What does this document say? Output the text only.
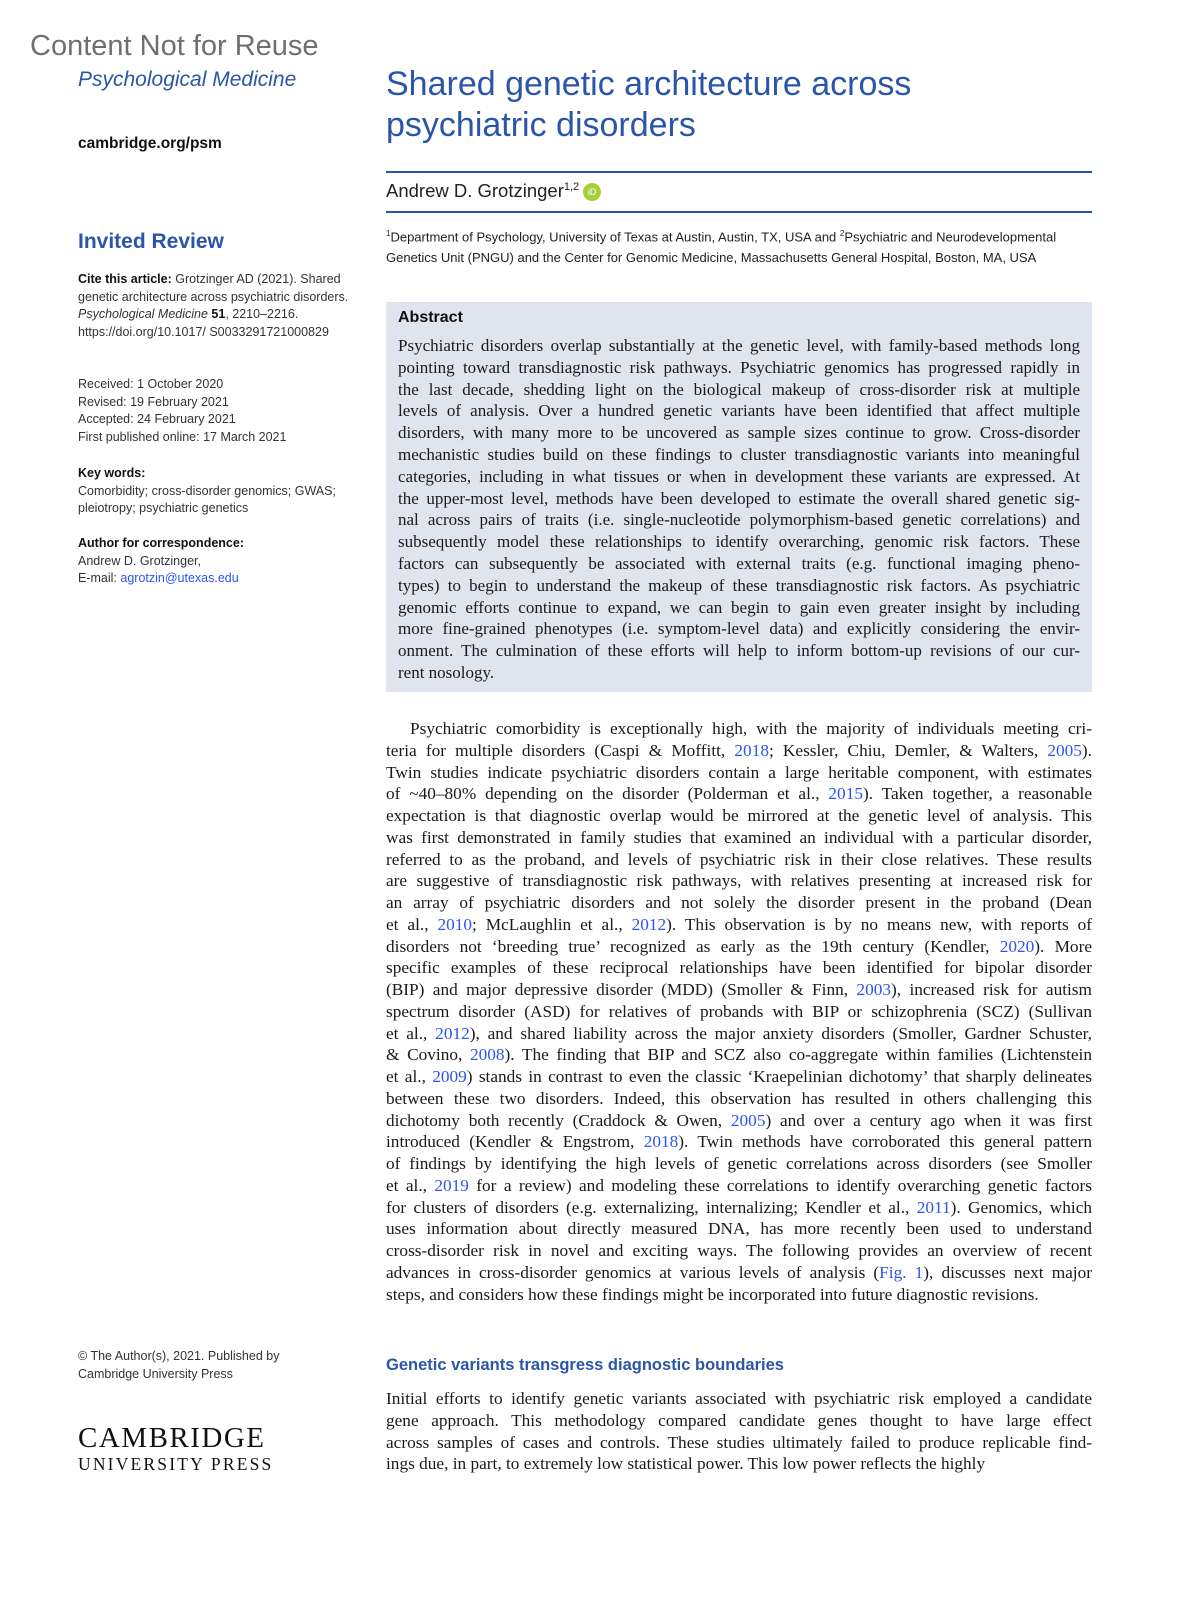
Content Not for Reuse
Psychological Medicine
cambridge.org/psm
Shared genetic architecture across
psychiatric disorders
Andrew D. Grotzinger$^{1,2}$ iD
$^1$Department of Psychology, University of Texas at Austin, Austin, TX, USA and $^2$Psychiatric and Neurodevelopmental Genetics Unit (PNGU) and the Center for Genomic Medicine, Massachusetts General Hospital, Boston, MA, USA
Invited Review
Cite this article: Grotzinger AD (2021). Shared genetic architecture across psychiatric disorders. Psychological Medicine 51, 2210–2216. https://doi.org/10.1017/ S0033291721000829
Received: 1 October 2020
Revised: 19 February 2021
Accepted: 24 February 2021
First published online: 17 March 2021
Key words:
Comorbidity; cross-disorder genomics; GWAS; pleiotropy; psychiatric genetics
Author for correspondence:
Andrew D. Grotzinger,
E-mail: agrotzin@utexas.edu
Abstract
Psychiatric disorders overlap substantially at the genetic level, with family-based methods long
pointing toward transdiagnostic risk pathways. Psychiatric genomics has progressed rapidly in
the last decade, shedding light on the biological makeup of cross-disorder risk at multiple
levels of analysis. Over a hundred genetic variants have been identified that affect multiple
disorders, with many more to be uncovered as sample sizes continue to grow. Cross-disorder
mechanistic studies build on these findings to cluster transdiagnostic variants into meaningful
categories, including in what tissues or when in development these variants are expressed. At
the upper-most level, methods have been developed to estimate the overall shared genetic sig-
nal across pairs of traits (i.e. single-nucleotide polymorphism-based genetic correlations) and
subsequently model these relationships to identify overarching, genomic risk factors. These
factors can subsequently be associated with external traits (e.g. functional imaging pheno-
types) to begin to understand the makeup of these transdiagnostic risk factors. As psychiatric
genomic efforts continue to expand, we can begin to gain even greater insight by including
more fine-grained phenotypes (i.e. symptom-level data) and explicitly considering the envir-
onment. The culmination of these efforts will help to inform bottom-up revisions of our cur-
rent nosology.
Psychiatric comorbidity is exceptionally high, with the majority of individuals meeting cri-
teria for multiple disorders (Caspi & Moffitt, 2018; Kessler, Chiu, Demler, & Walters, 2005).
Twin studies indicate psychiatric disorders contain a large heritable component, with estimates
of ~40–80% depending on the disorder (Polderman et al., 2015). Taken together, a reasonable
expectation is that diagnostic overlap would be mirrored at the genetic level of analysis. This
was first demonstrated in family studies that examined an individual with a particular disorder,
referred to as the proband, and levels of psychiatric risk in their close relatives. These results
are suggestive of transdiagnostic risk pathways, with relatives presenting at increased risk for
an array of psychiatric disorders and not solely the disorder present in the proband (Dean
et al., 2010; McLaughlin et al., 2012). This observation is by no means new, with reports of
disorders not ‘breeding true’ recognized as early as the 19th century (Kendler, 2020). More
specific examples of these reciprocal relationships have been identified for bipolar disorder
(BIP) and major depressive disorder (MDD) (Smoller & Finn, 2003), increased risk for autism
spectrum disorder (ASD) for relatives of probands with BIP or schizophrenia (SCZ) (Sullivan
et al., 2012), and shared liability across the major anxiety disorders (Smoller, Gardner Schuster,
& Covino, 2008). The finding that BIP and SCZ also co-aggregate within families (Lichtenstein
et al., 2009) stands in contrast to even the classic ‘Kraepelinian dichotomy’ that sharply delineates
between these two disorders. Indeed, this observation has resulted in others challenging this
dichotomy both recently (Craddock & Owen, 2005) and over a century ago when it was first
introduced (Kendler & Engstrom, 2018). Twin methods have corroborated this general pattern
of findings by identifying the high levels of genetic correlations across disorders (see Smoller
et al., 2019 for a review) and modeling these correlations to identify overarching genetic factors
for clusters of disorders (e.g. externalizing, internalizing; Kendler et al., 2011). Genomics, which
uses information about directly measured DNA, has more recently been used to understand
cross-disorder risk in novel and exciting ways. The following provides an overview of recent
advances in cross-disorder genomics at various levels of analysis (Fig. 1), discusses next major
steps, and considers how these findings might be incorporated into future diagnostic revisions.
Genetic variants transgress diagnostic boundaries
Initial efforts to identify genetic variants associated with psychiatric risk employed a candidate
gene approach. This methodology compared candidate genes thought to have large effect
across samples of cases and controls. These studies ultimately failed to produce replicable find-
ings due, in part, to extremely low statistical power. This low power reflects the highly
© The Author(s), 2021. Published by
Cambridge University Press
CAMBRIDGE
UNIVERSITY PRESS
